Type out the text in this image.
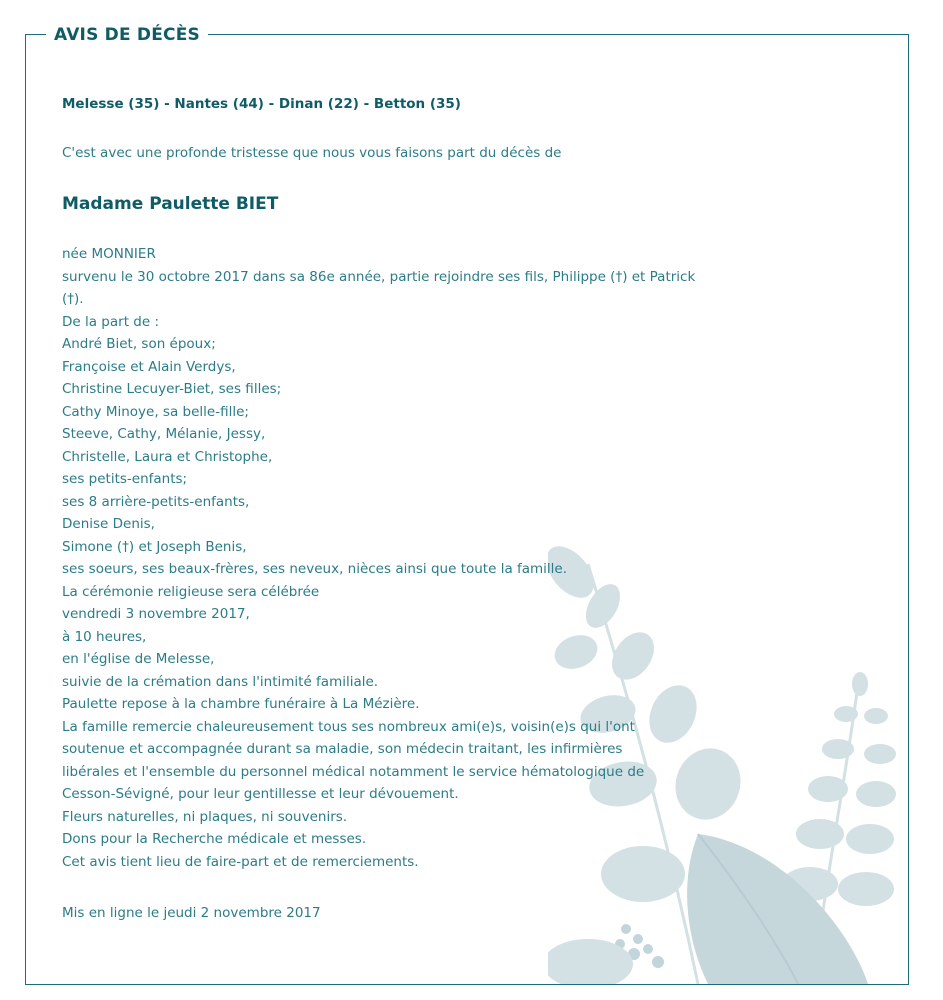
AVIS DE DÉCÈS

Melesse (35) - Nantes (44) - Dinan (22) - Betton (35)

C'est avec une profonde tristesse que nous vous faisons part du décès de

Madame Paulette BIET

née MONNIER
survenu le 30 octobre 2017 dans sa 86e année, partie rejoindre ses fils, Philippe (†) et Patrick
(†).
De la part de :
André Biet, son époux;
Françoise et Alain Verdys,
Christine Lecuyer-Biet, ses filles;
Cathy Minoye, sa belle-fille;
Steeve, Cathy, Mélanie, Jessy,
Christelle, Laura et Christophe,
ses petits-enfants;
ses 8 arrière-petits-enfants,
Denise Denis,
Simone (†) et Joseph Benis,
ses soeurs, ses beaux-frères, ses neveux, nièces ainsi que toute la famille.
La cérémonie religieuse sera célébrée
vendredi 3 novembre 2017,
à 10 heures,
en l'église de Melesse,
suivie de la crémation dans l'intimité familiale.
Paulette repose à la chambre funéraire à La Mézière.
La famille remercie chaleureusement tous ses nombreux ami(e)s, voisin(e)s qui l'ont
soutenue et accompagnée durant sa maladie, son médecin traitant, les infirmières
libérales et l'ensemble du personnel médical notamment le service hématologique de
Cesson-Sévigné, pour leur gentillesse et leur dévouement.
Fleurs naturelles, ni plaques, ni souvenirs.
Dons pour la Recherche médicale et messes.
Cet avis tient lieu de faire-part et de remerciements.

Mis en ligne le jeudi 2 novembre 2017
